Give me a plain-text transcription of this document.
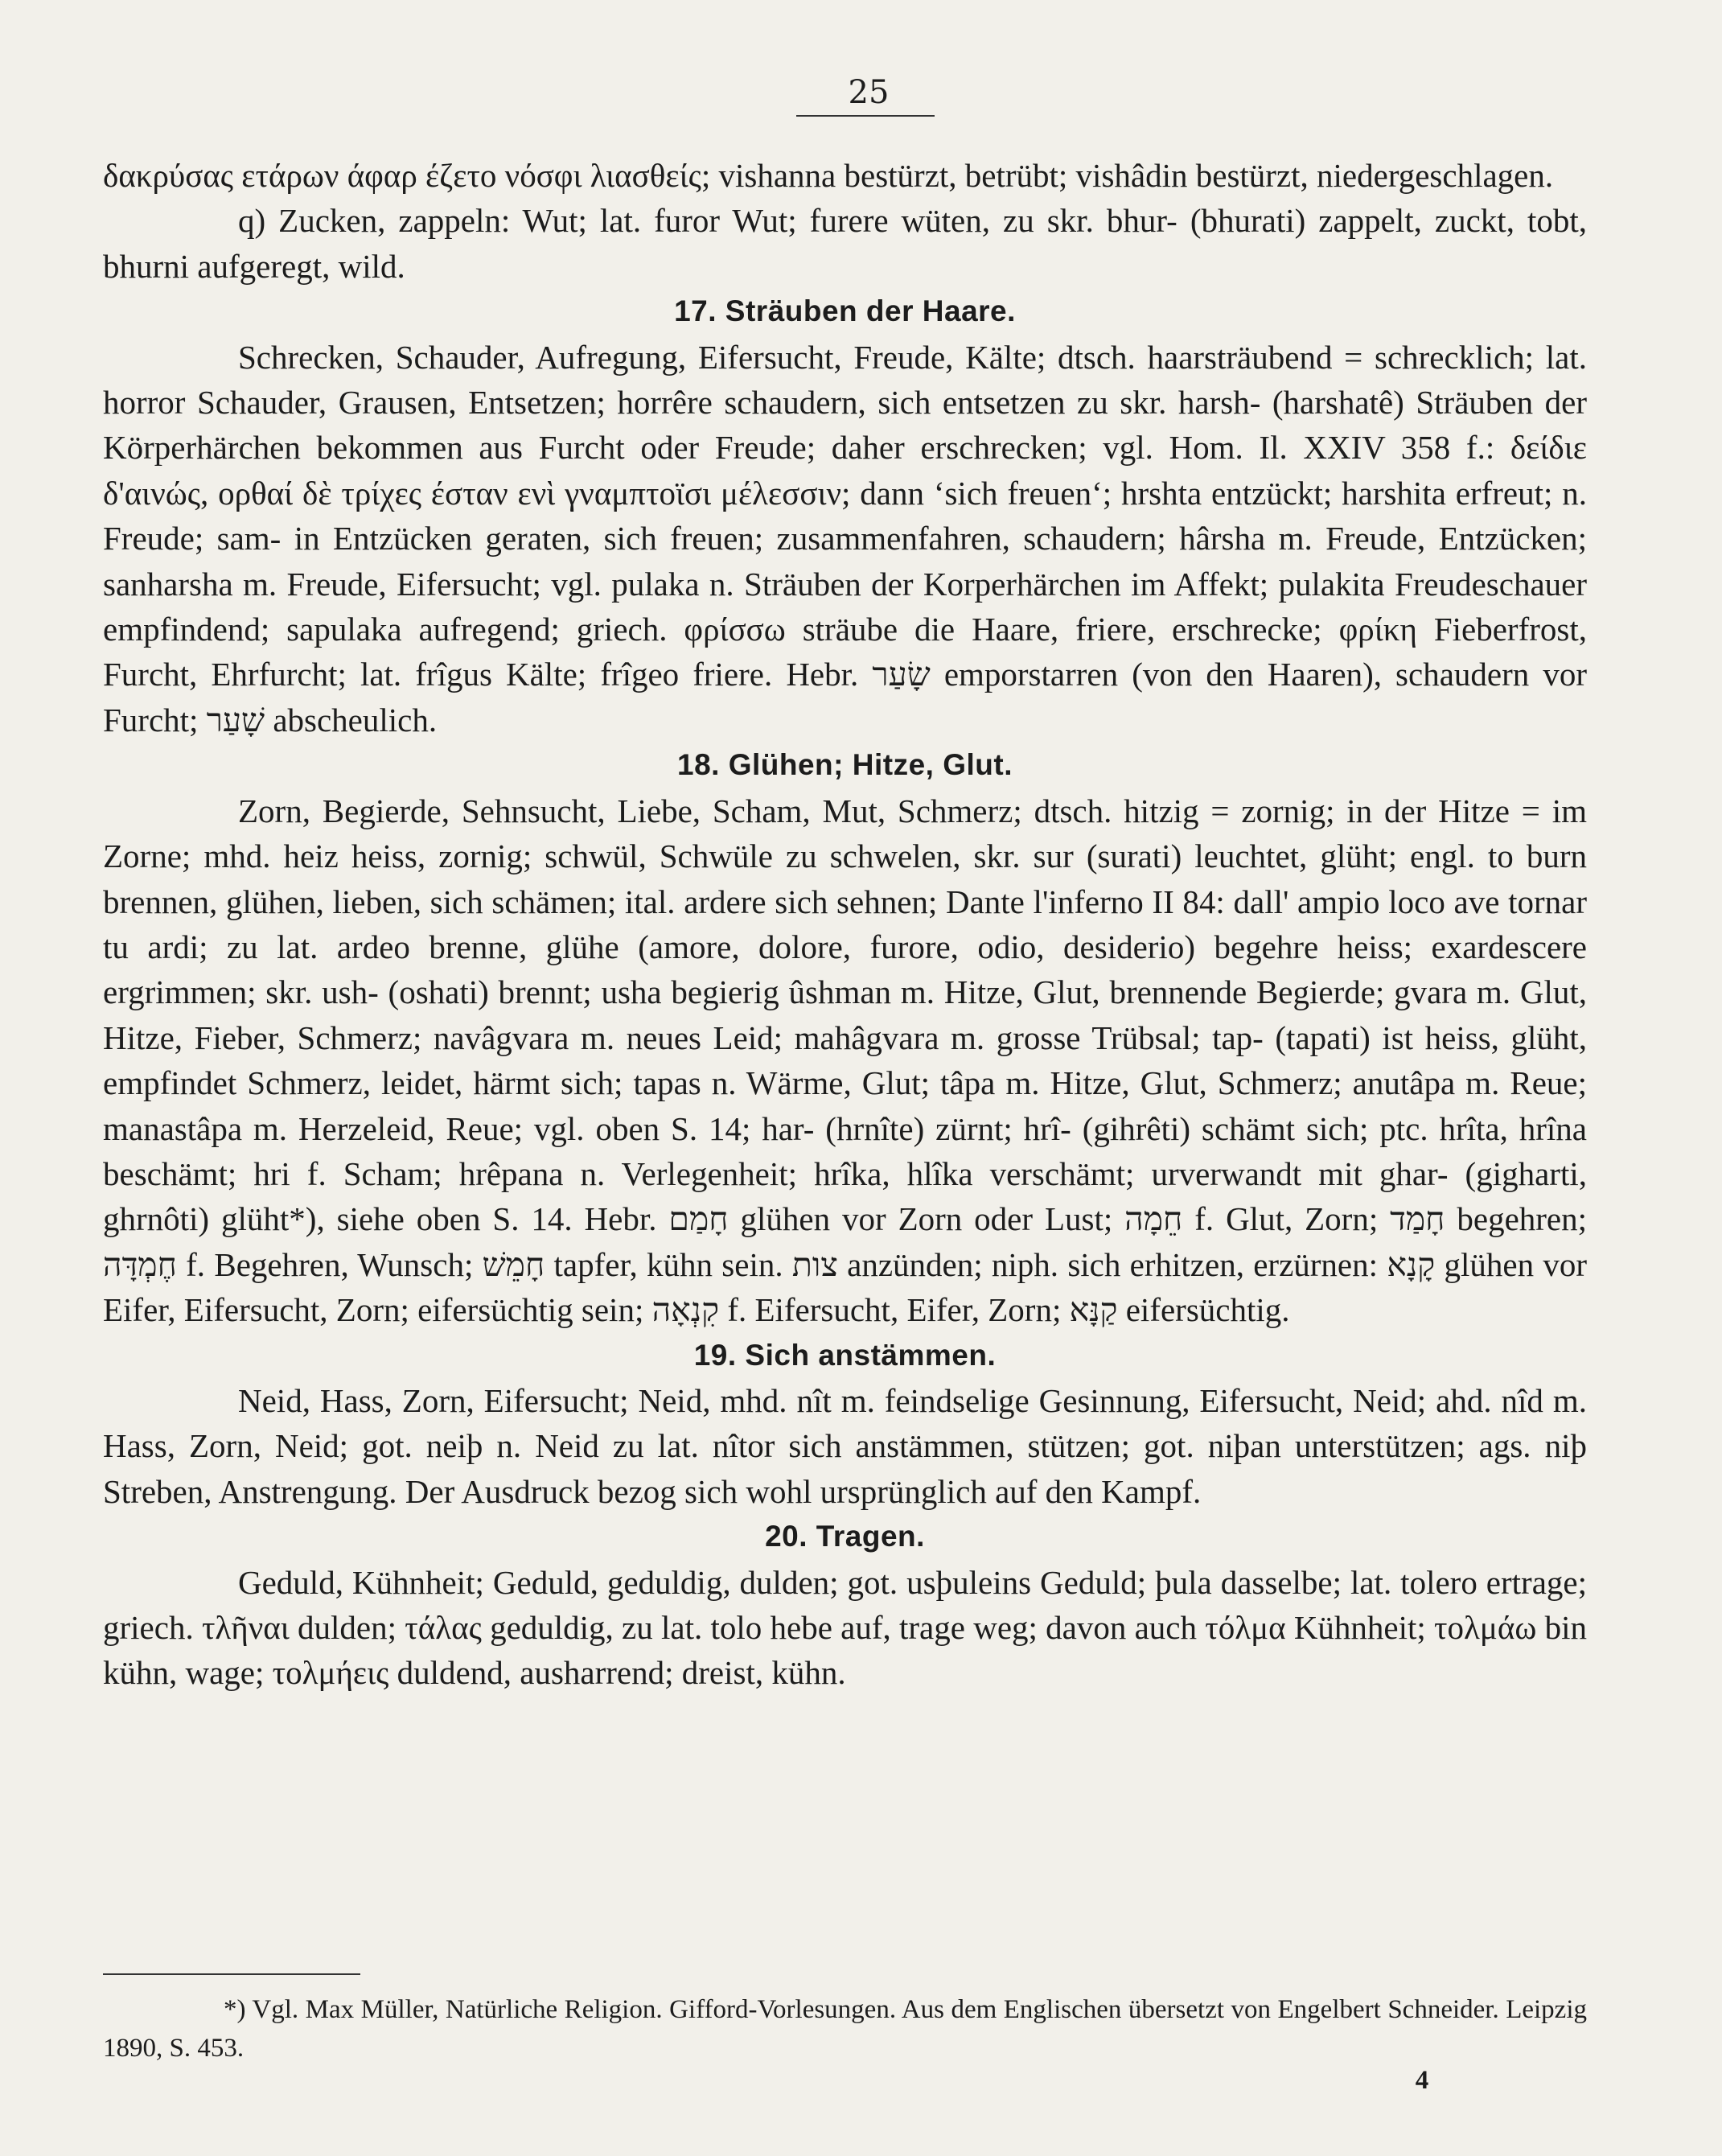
25

δακρύσας ετάρων άφαρ έζετο νόσφι λιασθείς; vishanna bestürzt, betrübt; vishâdin bestürzt, niedergeschlagen.

q) Zucken, zappeln: Wut; lat. furor Wut; furere wüten, zu skr. bhur- (bhurati) zappelt, zuckt, tobt, bhurni aufgeregt, wild.

17. Sträuben der Haare.

Schrecken, Schauder, Aufregung, Eifersucht, Freude, Kälte; dtsch. haarsträubend = schrecklich; lat. horror Schauder, Grausen, Entsetzen; horrêre schaudern, sich entsetzen zu skr. harsh- (harshatê) Sträuben der Körperhärchen bekommen aus Furcht oder Freude; daher erschrecken; vgl. Hom. Il. XXIV 358 f.: δείδιε δ'αινώς, ορθαί δὲ τρίχες έσταν ενὶ γναμπτοϊσι μέλεσσιν; dann ‘sich freuen‘; hrshta entzückt; harshita erfreut; n. Freude; sam- in Entzücken geraten, sich freuen; zusammenfahren, schaudern; hârsha m. Freude, Entzücken; sanharsha m. Freude, Eifersucht; vgl. pulaka n. Sträuben der Korperhärchen im Affekt; pulakita Freudeschauer empfindend; sapulaka aufregend; griech. φρίσσω sträube die Haare, friere, erschrecke; φρίκη Fieberfrost, Furcht, Ehrfurcht; lat. frîgus Kälte; frîgeo friere. Hebr. שָׂעַר emporstarren (von den Haaren), schaudern vor Furcht; שָׁעַר abscheulich.

18. Glühen; Hitze, Glut.

Zorn, Begierde, Sehnsucht, Liebe, Scham, Mut, Schmerz; dtsch. hitzig = zornig; in der Hitze = im Zorne; mhd. heiz heiss, zornig; schwül, Schwüle zu schwelen, skr. sur (surati) leuchtet, glüht; engl. to burn brennen, glühen, lieben, sich schämen; ital. ardere sich sehnen; Dante l'inferno II 84: dall' ampio loco ave tornar tu ardi; zu lat. ardeo brenne, glühe (amore, dolore, furore, odio, desiderio) begehre heiss; exardescere ergrimmen; skr. ush- (oshati) brennt; usha begierig ûshman m. Hitze, Glut, brennende Begierde; gvara m. Glut, Hitze, Fieber, Schmerz; navâgvara m. neues Leid; mahâgvara m. grosse Trübsal; tap- (tapati) ist heiss, glüht, empfindet Schmerz, leidet, härmt sich; tapas n. Wärme, Glut; tâpa m. Hitze, Glut, Schmerz; anutâpa m. Reue; manastâpa m. Herzeleid, Reue; vgl. oben S. 14; har- (hrnîte) zürnt; hrî- (gihrêti) schämt sich; ptc. hrîta, hrîna beschämt; hri f. Scham; hrêpana n. Verlegenheit; hrîka, hlîka verschämt; urverwandt mit ghar- (gigharti, ghrnôti) glüht*), siehe oben S. 14. Hebr. חָמַם glühen vor Zorn oder Lust; חֵמָה f. Glut, Zorn; חָמַד begehren; חֶמְדָּה f. Begehren, Wunsch; חָמֵשׁ tapfer, kühn sein. צות anzünden; niph. sich erhitzen, erzürnen: קָנָא glühen vor Eifer, Eifersucht, Zorn; eifersüchtig sein; קִנְאָה f. Eifersucht, Eifer, Zorn; קַנָּא eifersüchtig.

19. Sich anstämmen.

Neid, Hass, Zorn, Eifersucht; Neid, mhd. nît m. feindselige Gesinnung, Eifersucht, Neid; ahd. nîd m. Hass, Zorn, Neid; got. neiþ n. Neid zu lat. nîtor sich anstämmen, stützen; got. niþan unterstützen; ags. niþ Streben, Anstrengung. Der Ausdruck bezog sich wohl ursprünglich auf den Kampf.

20. Tragen.

Geduld, Kühnheit; Geduld, geduldig, dulden; got. usþuleins Geduld; þula dasselbe; lat. tolero ertrage; griech. τλῆναι dulden; τάλας geduldig, zu lat. tolo hebe auf, trage weg; davon auch τόλμα Kühnheit; τολμάω bin kühn, wage; τολμήεις duldend, ausharrend; dreist, kühn.

*) Vgl. Max Müller, Natürliche Religion. Gifford-Vorlesungen. Aus dem Englischen übersetzt von Engelbert Schneider. Leipzig 1890, S. 453.
4
